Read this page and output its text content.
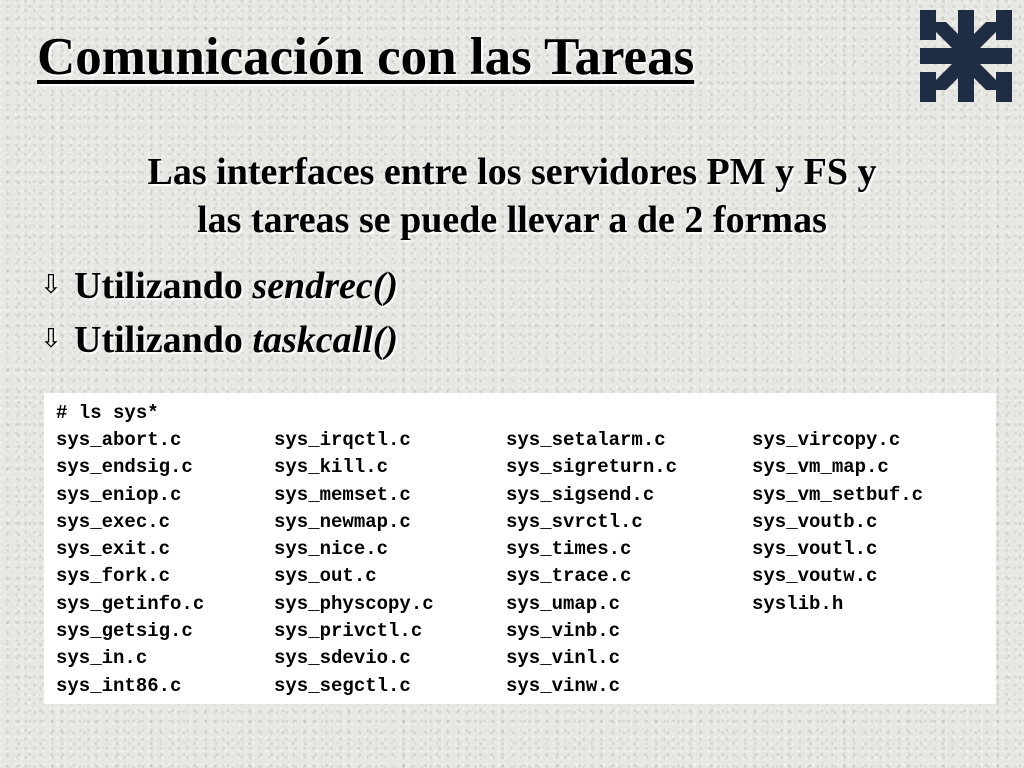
Comunicación con las Tareas
Las interfaces entre los servidores PM y FS y
las tareas se puede llevar a de 2 formas
⇩ Utilizando sendrec()
⇩ Utilizando taskcall()
# ls sys*
sys_abort.c
sys_endsig.c
sys_eniop.c
sys_exec.c
sys_exit.c
sys_fork.c
sys_getinfo.c
sys_getsig.c
sys_in.c
sys_int86.c
sys_irqctl.c
sys_kill.c
sys_memset.c
sys_newmap.c
sys_nice.c
sys_out.c
sys_physcopy.c
sys_privctl.c
sys_sdevio.c
sys_segctl.c
sys_setalarm.c
sys_sigreturn.c
sys_sigsend.c
sys_svrctl.c
sys_times.c
sys_trace.c
sys_umap.c
sys_vinb.c
sys_vinl.c
sys_vinw.c
sys_vircopy.c
sys_vm_map.c
sys_vm_setbuf.c
sys_voutb.c
sys_voutl.c
sys_voutw.c
syslib.h
